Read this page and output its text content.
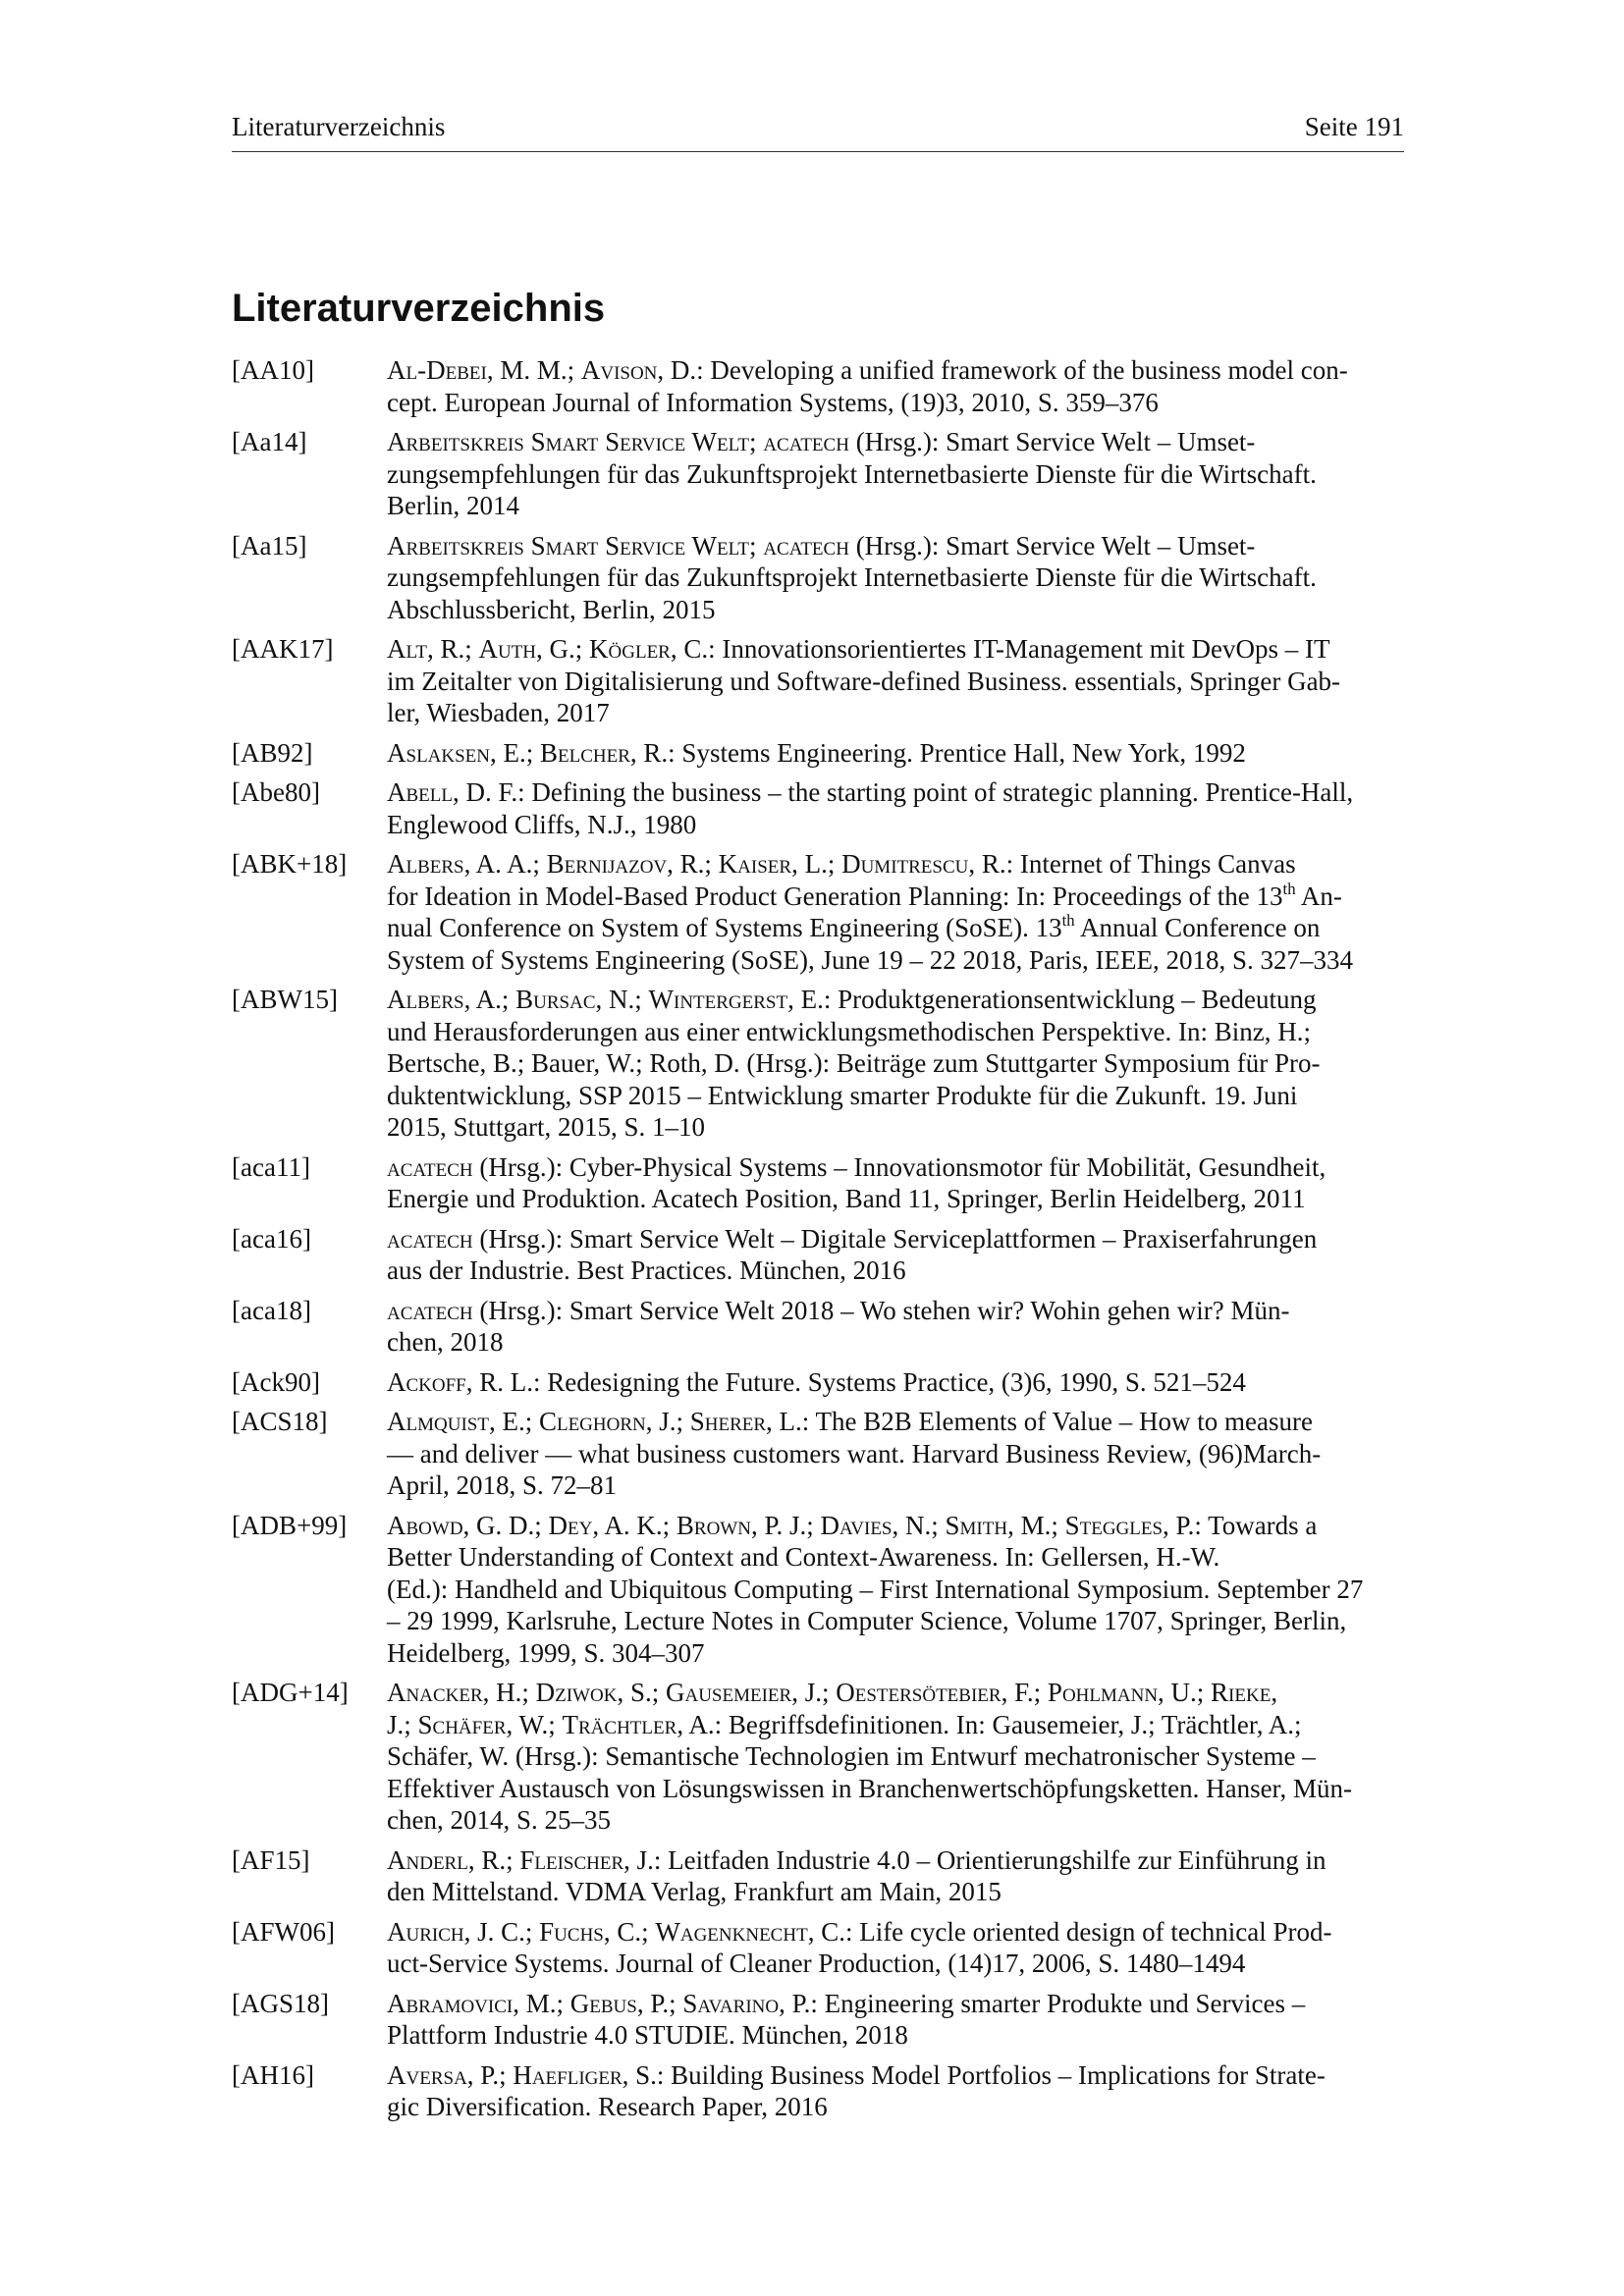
Literaturverzeichnis	Seite 191
Literaturverzeichnis
[AA10]	Al-Debei, M. M.; Avison, D.: Developing a unified framework of the business model con-
cept. European Journal of Information Systems, (19)3, 2010, S. 359–376
[Aa14]	Arbeitskreis Smart Service Welt; acatech (Hrsg.): Smart Service Welt – Umset-
zungsempfehlungen für das Zukunftsprojekt Internetbasierte Dienste für die Wirtschaft.
Berlin, 2014
[Aa15]	Arbeitskreis Smart Service Welt; acatech (Hrsg.): Smart Service Welt – Umset-
zungsempfehlungen für das Zukunftsprojekt Internetbasierte Dienste für die Wirtschaft.
Abschlussbericht, Berlin, 2015
[AAK17]	Alt, R.; Auth, G.; Kögler, C.: Innovationsorientiertes IT-Management mit DevOps – IT
im Zeitalter von Digitalisierung und Software-defined Business. essentials, Springer Gab-
ler, Wiesbaden, 2017
[AB92]	Aslaksen, E.; Belcher, R.: Systems Engineering. Prentice Hall, New York, 1992
[Abe80]	Abell, D. F.: Defining the business – the starting point of strategic planning. Prentice-Hall,
Englewood Cliffs, N.J., 1980
[ABK+18]	Albers, A. A.; Bernijazov, R.; Kaiser, L.; Dumitrescu, R.: Internet of Things Canvas
for Ideation in Model-Based Product Generation Planning: In: Proceedings of the 13th An-
nual Conference on System of Systems Engineering (SoSE). 13th Annual Conference on
System of Systems Engineering (SoSE), June 19 – 22 2018, Paris, IEEE, 2018, S. 327–334
[ABW15]	Albers, A.; Bursac, N.; Wintergerst, E.: Produktgenerationsentwicklung – Bedeutung
und Herausforderungen aus einer entwicklungsmethodischen Perspektive. In: Binz, H.;
Bertsche, B.; Bauer, W.; Roth, D. (Hrsg.): Beiträge zum Stuttgarter Symposium für Pro-
duktentwicklung, SSP 2015 – Entwicklung smarter Produkte für die Zukunft. 19. Juni
2015, Stuttgart, 2015, S. 1–10
[aca11]	acatech (Hrsg.): Cyber-Physical Systems – Innovationsmotor für Mobilität, Gesundheit,
Energie und Produktion. Acatech Position, Band 11, Springer, Berlin Heidelberg, 2011
[aca16]	acatech (Hrsg.): Smart Service Welt – Digitale Serviceplattformen – Praxiserfahrungen
aus der Industrie. Best Practices. München, 2016
[aca18]	acatech (Hrsg.): Smart Service Welt 2018 – Wo stehen wir? Wohin gehen wir? Mün-
chen, 2018
[Ack90]	Ackoff, R. L.: Redesigning the Future. Systems Practice, (3)6, 1990, S. 521–524
[ACS18]	Almquist, E.; Cleghorn, J.; Sherer, L.: The B2B Elements of Value – How to measure
— and deliver — what business customers want. Harvard Business Review, (96)March-
April, 2018, S. 72–81
[ADB+99]	Abowd, G. D.; Dey, A. K.; Brown, P. J.; Davies, N.; Smith, M.; Steggles, P.: Towards a
Better Understanding of Context and Context-Awareness. In: Gellersen, H.-W.
(Ed.): Handheld and Ubiquitous Computing – First International Symposium. September 27
– 29 1999, Karlsruhe, Lecture Notes in Computer Science, Volume 1707, Springer, Berlin,
Heidelberg, 1999, S. 304–307
[ADG+14]	Anacker, H.; Dziwok, S.; Gausemeier, J.; Oestersötebier, F.; Pohlmann, U.; Rieke,
J.; Schäfer, W.; Trächtler, A.: Begriffsdefinitionen. In: Gausemeier, J.; Trächtler, A.;
Schäfer, W. (Hrsg.): Semantische Technologien im Entwurf mechatronischer Systeme –
Effektiver Austausch von Lösungswissen in Branchenwertschöpfungsketten. Hanser, Mün-
chen, 2014, S. 25–35
[AF15]	Anderl, R.; Fleischer, J.: Leitfaden Industrie 4.0 – Orientierungshilfe zur Einführung in
den Mittelstand. VDMA Verlag, Frankfurt am Main, 2015
[AFW06]	Aurich, J. C.; Fuchs, C.; Wagenknecht, C.: Life cycle oriented design of technical Prod-
uct-Service Systems. Journal of Cleaner Production, (14)17, 2006, S. 1480–1494
[AGS18]	Abramovici, M.; Gebus, P.; Savarino, P.: Engineering smarter Produkte und Services –
Plattform Industrie 4.0 STUDIE. München, 2018
[AH16]	Aversa, P.; Haefliger, S.: Building Business Model Portfolios – Implications for Strate-
gic Diversification. Research Paper, 2016
